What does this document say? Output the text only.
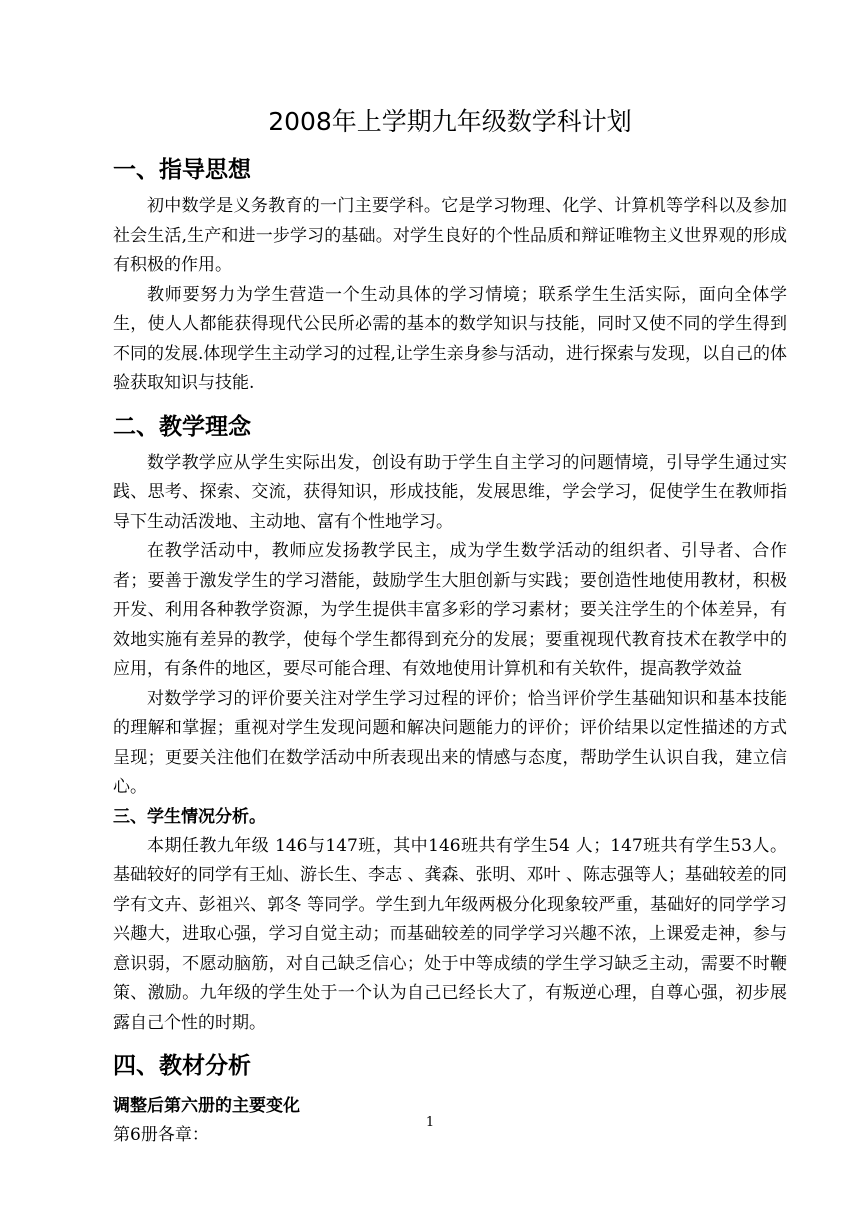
2008年上学期九年级数学科计划
一、指导思想

初中数学是义务教育的一门主要学科。它是学习物理、化学、计算机等学科以及参加社会生活,生产和进一步学习的基础。对学生良好的个性品质和辩证唯物主义世界观的形成有积极的作用。

教师要努力为学生营造一个生动具体的学习情境；联系学生生活实际，面向全体学生，使人人都能获得现代公民所必需的基本的数学知识与技能，同时又使不同的学生得到不同的发展.体现学生主动学习的过程,让学生亲身参与活动，进行探索与发现，以自己的体验获取知识与技能.

二、教学理念

数学教学应从学生实际出发，创设有助于学生自主学习的问题情境，引导学生通过实践、思考、探索、交流，获得知识，形成技能，发展思维，学会学习，促使学生在教师指导下生动活泼地、主动地、富有个性地学习。

在教学活动中，教师应发扬教学民主，成为学生数学活动的组织者、引导者、合作者；要善于激发学生的学习潜能，鼓励学生大胆创新与实践；要创造性地使用教材，积极开发、利用各种教学资源，为学生提供丰富多彩的学习素材；要关注学生的个体差异，有效地实施有差异的教学，使每个学生都得到充分的发展；要重视现代教育技术在教学中的应用，有条件的地区，要尽可能合理、有效地使用计算机和有关软件，提高教学效益

对数学学习的评价要关注对学生学习过程的评价；恰当评价学生基础知识和基本技能的理解和掌握；重视对学生发现问题和解决问题能力的评价；评价结果以定性描述的方式呈现；更要关注他们在数学活动中所表现出来的情感与态度，帮助学生认识自我，建立信心。

三、学生情况分析。

本期任教九年级 146与147班，其中146班共有学生54 人；147班共有学生53人。基础较好的同学有王灿、游长生、李志 、龚森、张明、邓叶 、陈志强等人；基础较差的同学有文卉、彭祖兴、郭冬 等同学。学生到九年级两极分化现象较严重，基础好的同学学习兴趣大，进取心强，学习自觉主动；而基础较差的同学学习兴趣不浓，上课爱走神，参与意识弱，不愿动脑筋，对自己缺乏信心；处于中等成绩的学生学习缺乏主动，需要不时鞭策、激励。九年级的学生处于一个认为自己已经长大了，有叛逆心理，自尊心强，初步展露自己个性的时期。

四、教材分析
调整后第六册的主要变化

第6册各章：

1
